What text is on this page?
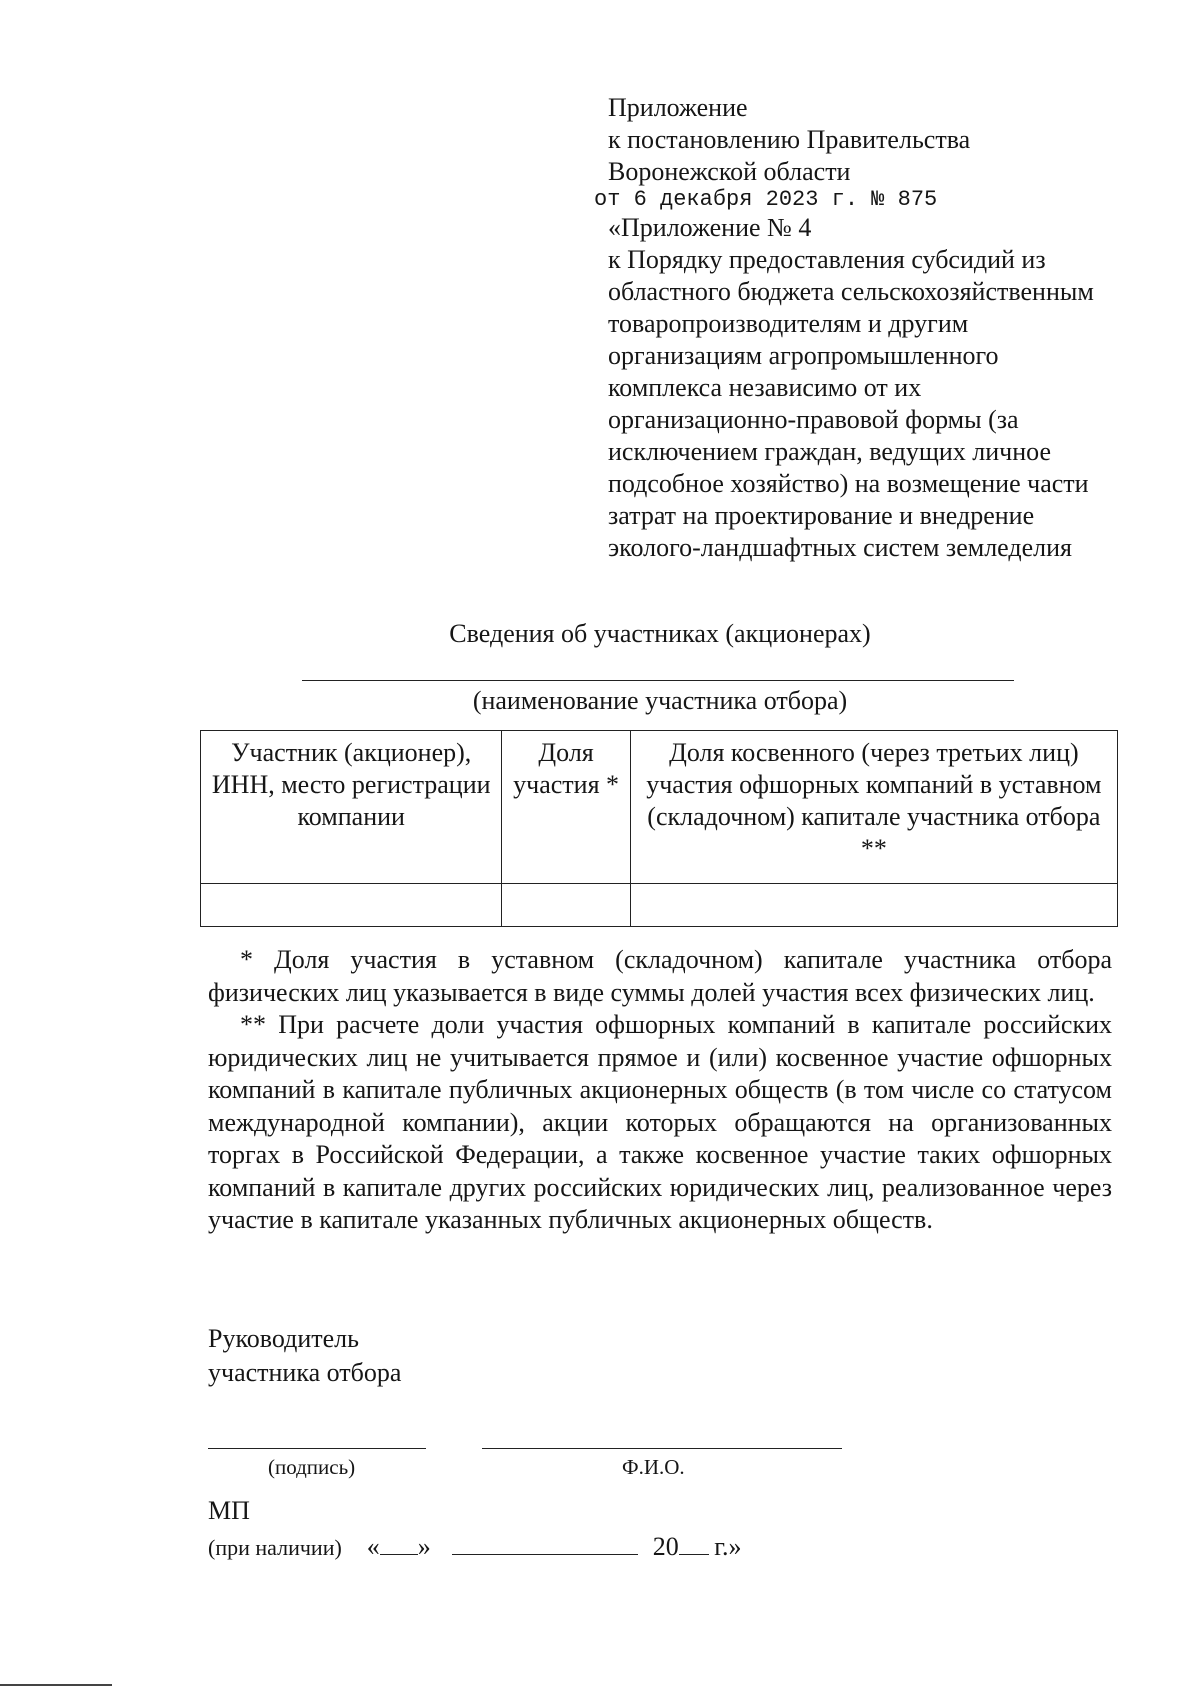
Приложение
к постановлению Правительства
Воронежской области
от 6 декабря 2023 г. № 875
«Приложение № 4
к Порядку предоставления субсидий из
областного бюджета сельскохозяйственным
товаропроизводителям и другим
организациям агропромышленного
комплекса независимо от их
организационно-правовой формы (за
исключением граждан, ведущих личное
подсобное хозяйство) на возмещение части
затрат на проектирование и внедрение
эколого-ландшафтных систем земледелия
Сведения об участниках (акционерах)
(наименование участника отбора)
Участник (акционер), ИНН, место регистрации компании	Доля участия *	Доля косвенного (через третьих лиц) участия офшорных компаний в уставном (складочном) капитале участника отбора **

* Доля участия в уставном (складочном) капитале участника отбора физических лиц указывается в виде суммы долей участия всех физических лиц.

** При расчете доли участия офшорных компаний в капитале российских юридических лиц не учитывается прямое и (или) косвенное участие офшорных компаний в капитале публичных акционерных обществ (в том числе со статусом международной компании), акции которых обращаются на организованных торгах в Российской Федерации, а также косвенное участие таких офшорных компаний в капитале других российских юридических лиц, реализованное через участие в капитале указанных публичных акционерных обществ.

Руководитель
участника отбора
(подпись)	Ф.И.О.
МП
(при наличии) « »	20 г.»
